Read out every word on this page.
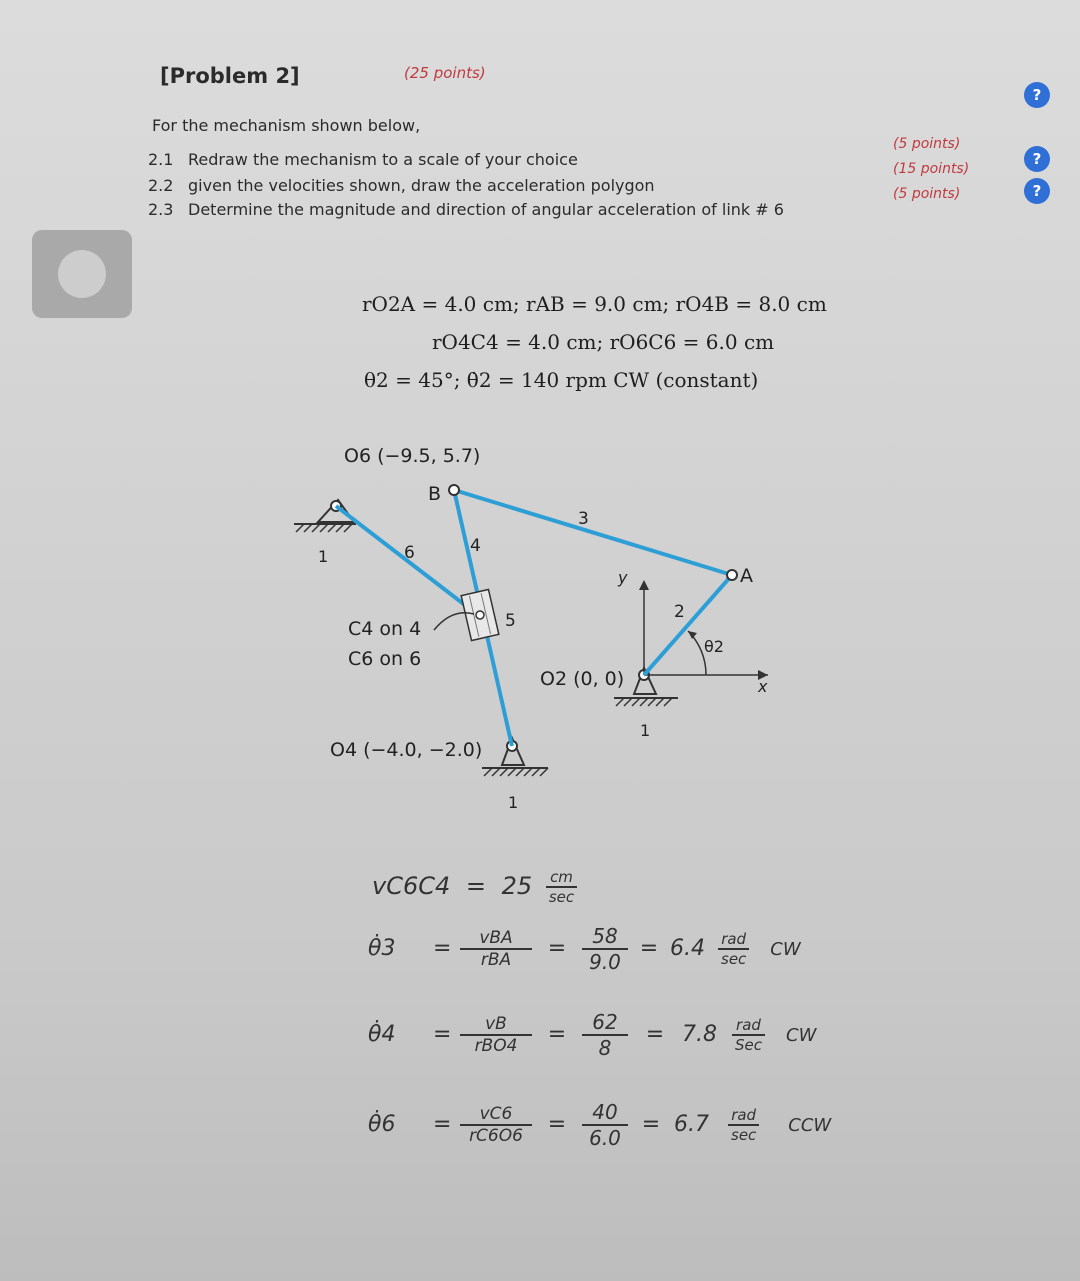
[Problem 2]	(25 points)
?
For the mechanism shown below,
2.1 Redraw the mechanism to a scale of your choice
2.2 given the velocities shown, draw the acceleration polygon
2.3 Determine the magnitude and direction of angular acceleration of link # 6
(5 points)
(15 points)
(5 points)
?
?
rO2A = 4.0 cm; rAB = 9.0 cm; rO4B = 8.0 cm
rO4C4 = 4.0 cm; rO6C6 = 6.0 cm
θ2 = 45°; θ̇2 = 140 rpm CW (constant)
O6 (−9.5, 5.7)
B
A
C4 on 4
C6 on 6
O2 (0, 0)
O4 (−4.0, −2.0)
1	6	4
3
5	2
1
1
θ2
x
y
$vC6C4 = 25 \frac{cm}{\sec}$
θ̇3 = $\frac{\text{vBA}}{\text{rBA}} = \frac{58}{9.0} = 6.4 \frac{\text{rad}}{\sec}$ CW
θ̇4 = $\frac{vB}{\text{rBO4}} = \frac{62}{8} = 7.8 \frac{\text{rad}}{\text{Sec}}$ CW
θ̇6 = $\frac{vC6}{rC6O6} = \frac{40}{6.0} = 6.7 \frac{\text{rad}}{\sec}$ CCW
